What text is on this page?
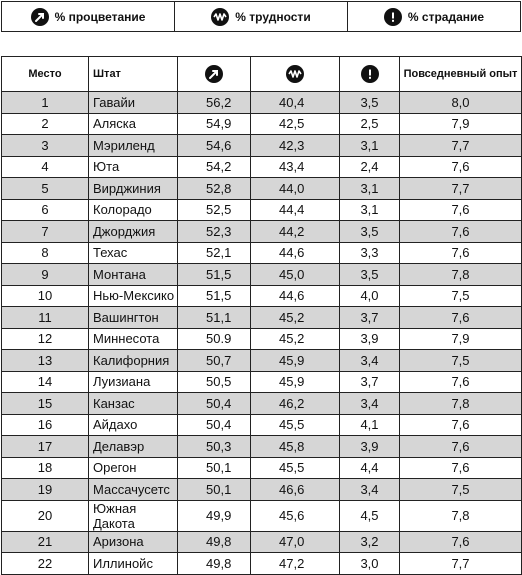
% процветание	% трудности	% страдание
Место	Штат				Повседневный опыт
1	Гавайи	56,2	40,4	3,5	8,0
2	Аляска	54,9	42,5	2,5	7,9
3	Мэриленд	54,6	42,3	3,1	7,7
4	Юта	54,2	43,4	2,4	7,6
5	Вирджиния	52,8	44,0	3,1	7,7
6	Колорадо	52,5	44,4	3,1	7,6
7	Джорджия	52,3	44,2	3,5	7,6
8	Техас	52,1	44,6	3,3	7,6
9	Монтана	51,5	45,0	3,5	7,8
10	Нью-Мексико	51,5	44,6	4,0	7,5
11	Вашингтон	51,1	45,2	3,7	7,6
12	Миннесота	50.9	45,2	3,9	7,9
13	Калифорния	50,7	45,9	3,4	7,5
14	Луизиана	50,5	45,9	3,7	7,6
15	Канзас	50,4	46,2	3,4	7,8
16	Айдахо	50,4	45,5	4,1	7,6
17	Делавэр	50,3	45,8	3,9	7,6
18	Орегон	50,1	45,5	4,4	7,6
19	Массачусетс	50,1	46,6	3,4	7,5
20	Южная Дакота	49,9	45,6	4,5	7,8
21	Аризона	49,8	47,0	3,2	7,6
22	Иллинойс	49,8	47,2	3,0	7,7
